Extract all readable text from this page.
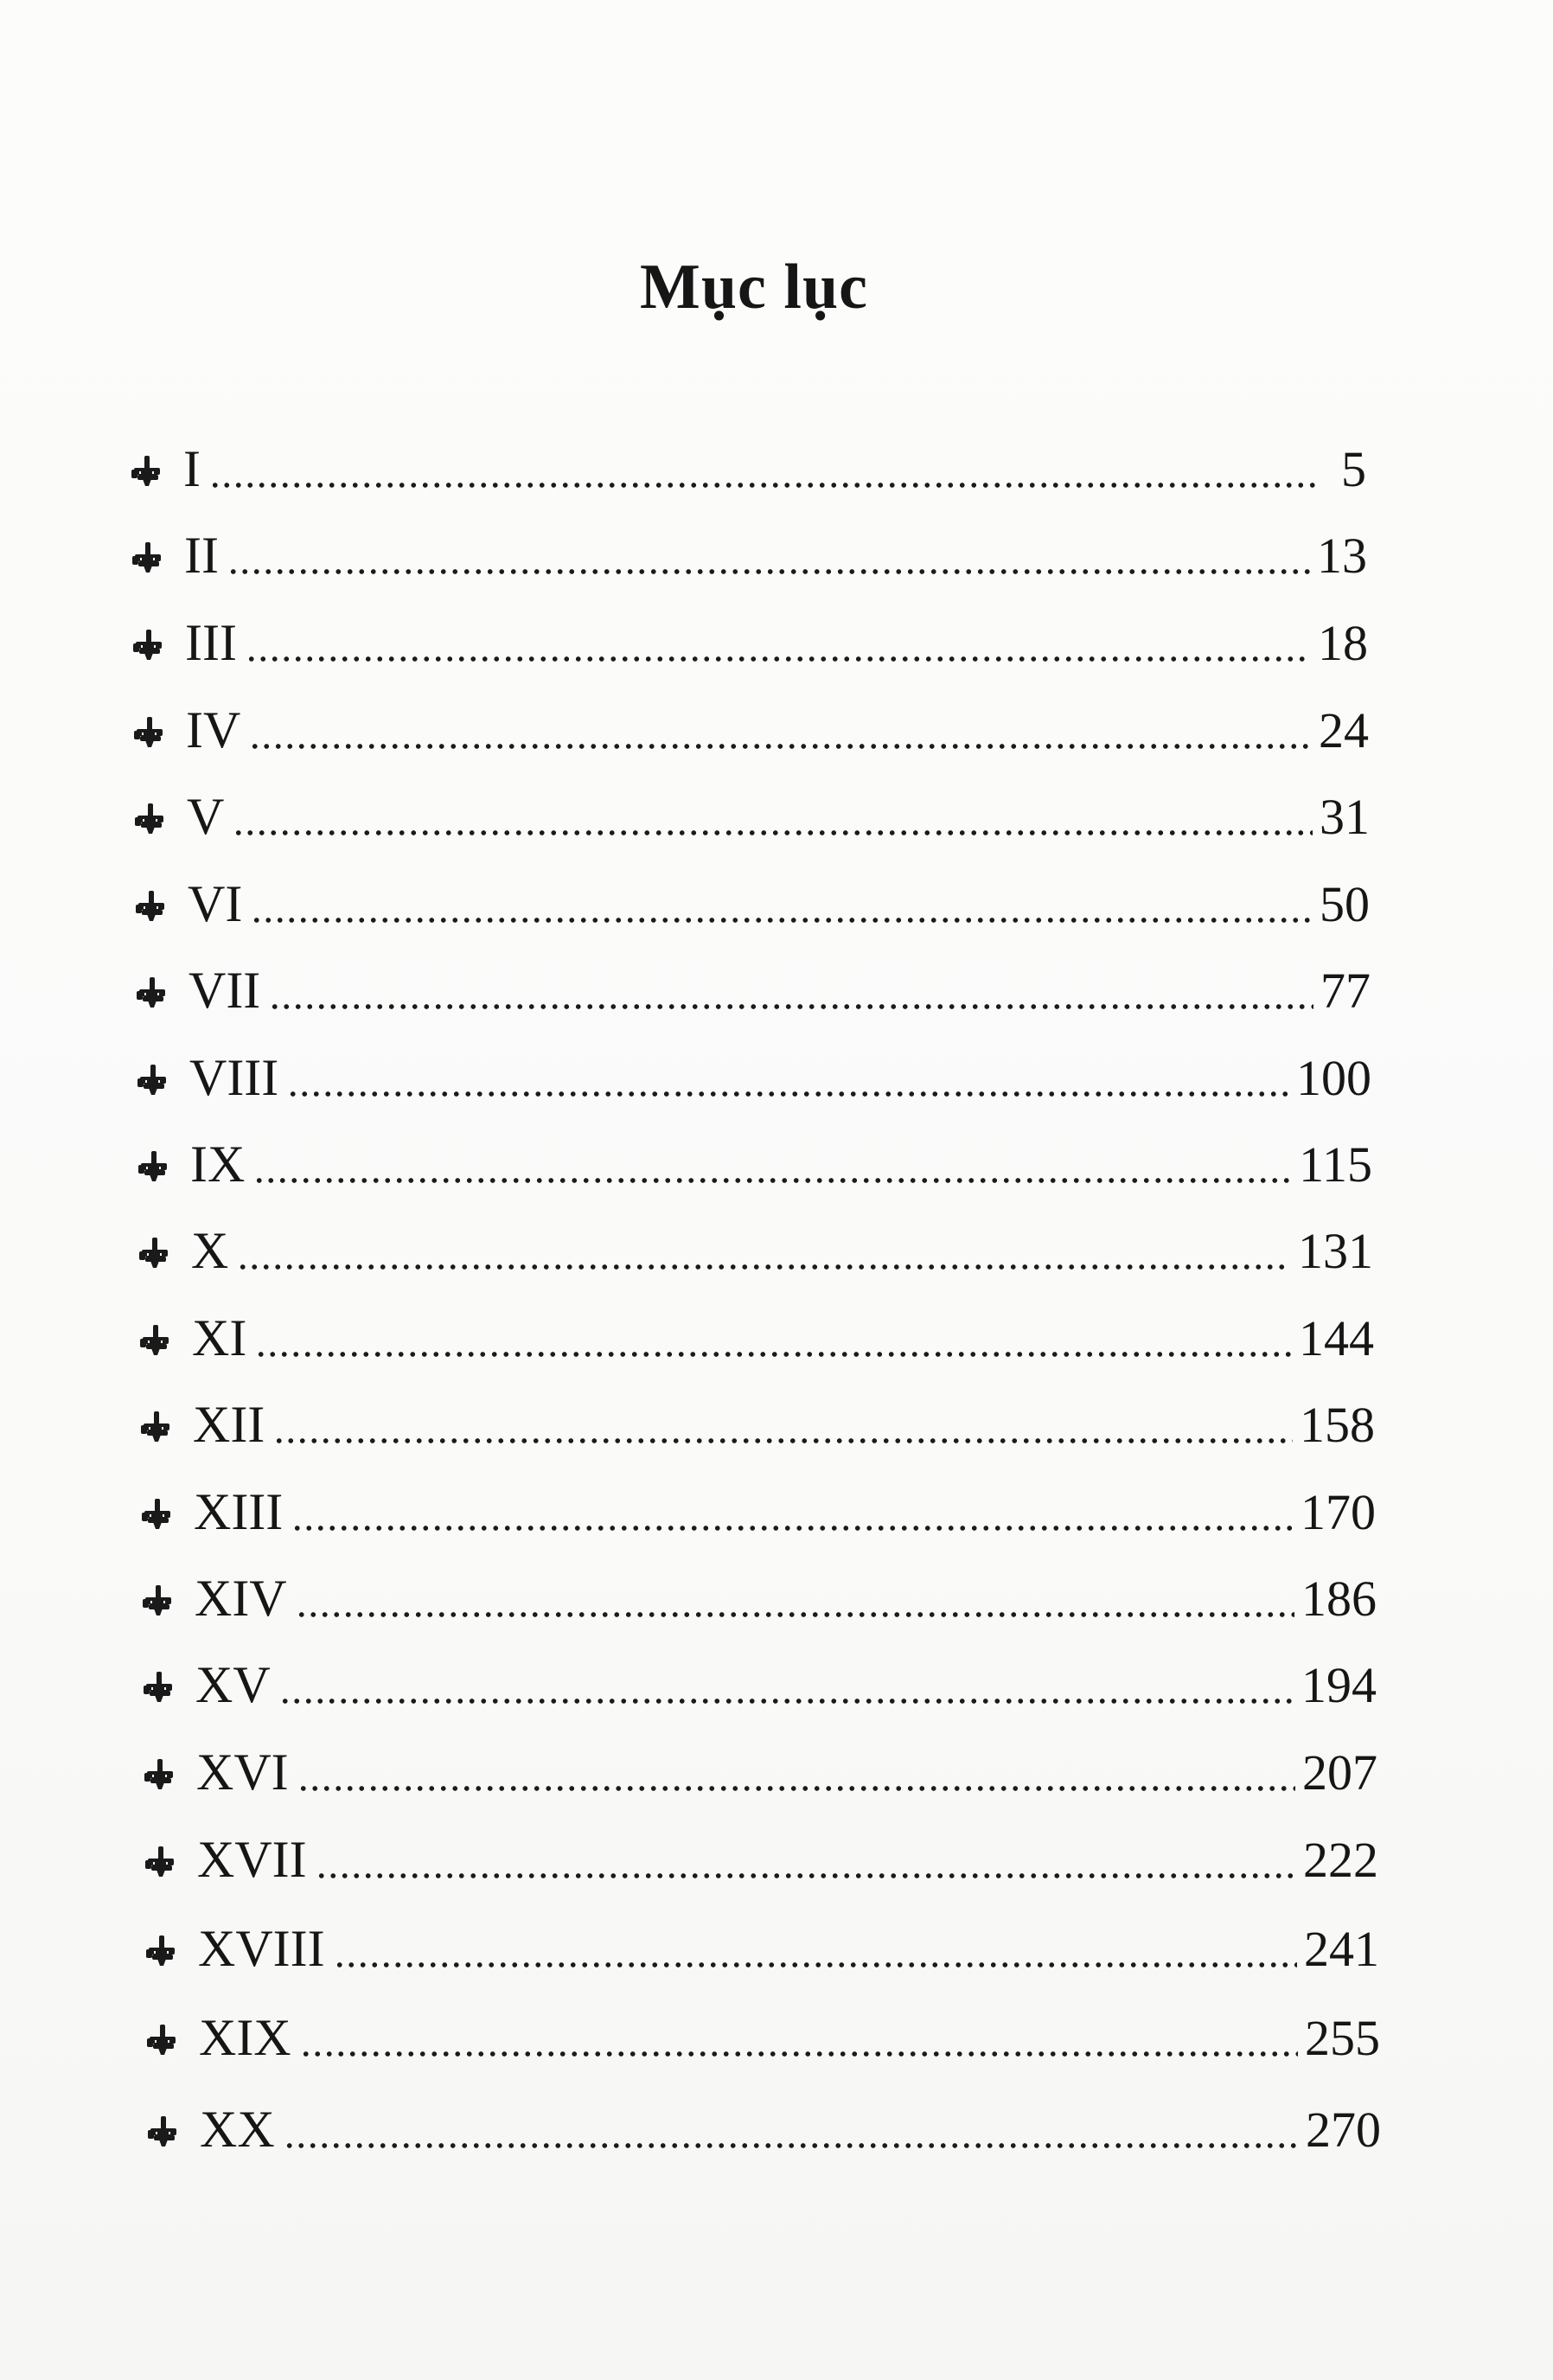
Mục lục
I	5
II	13
III	18
IV	24
V	31
VI	50
VII	77
VIII	100
IX	115
X	131
XI	144
XII	158
XIII	170
XIV	186
XV	194
XVI	207
XVII	222
XVIII	241
XIX	255
XX	270
